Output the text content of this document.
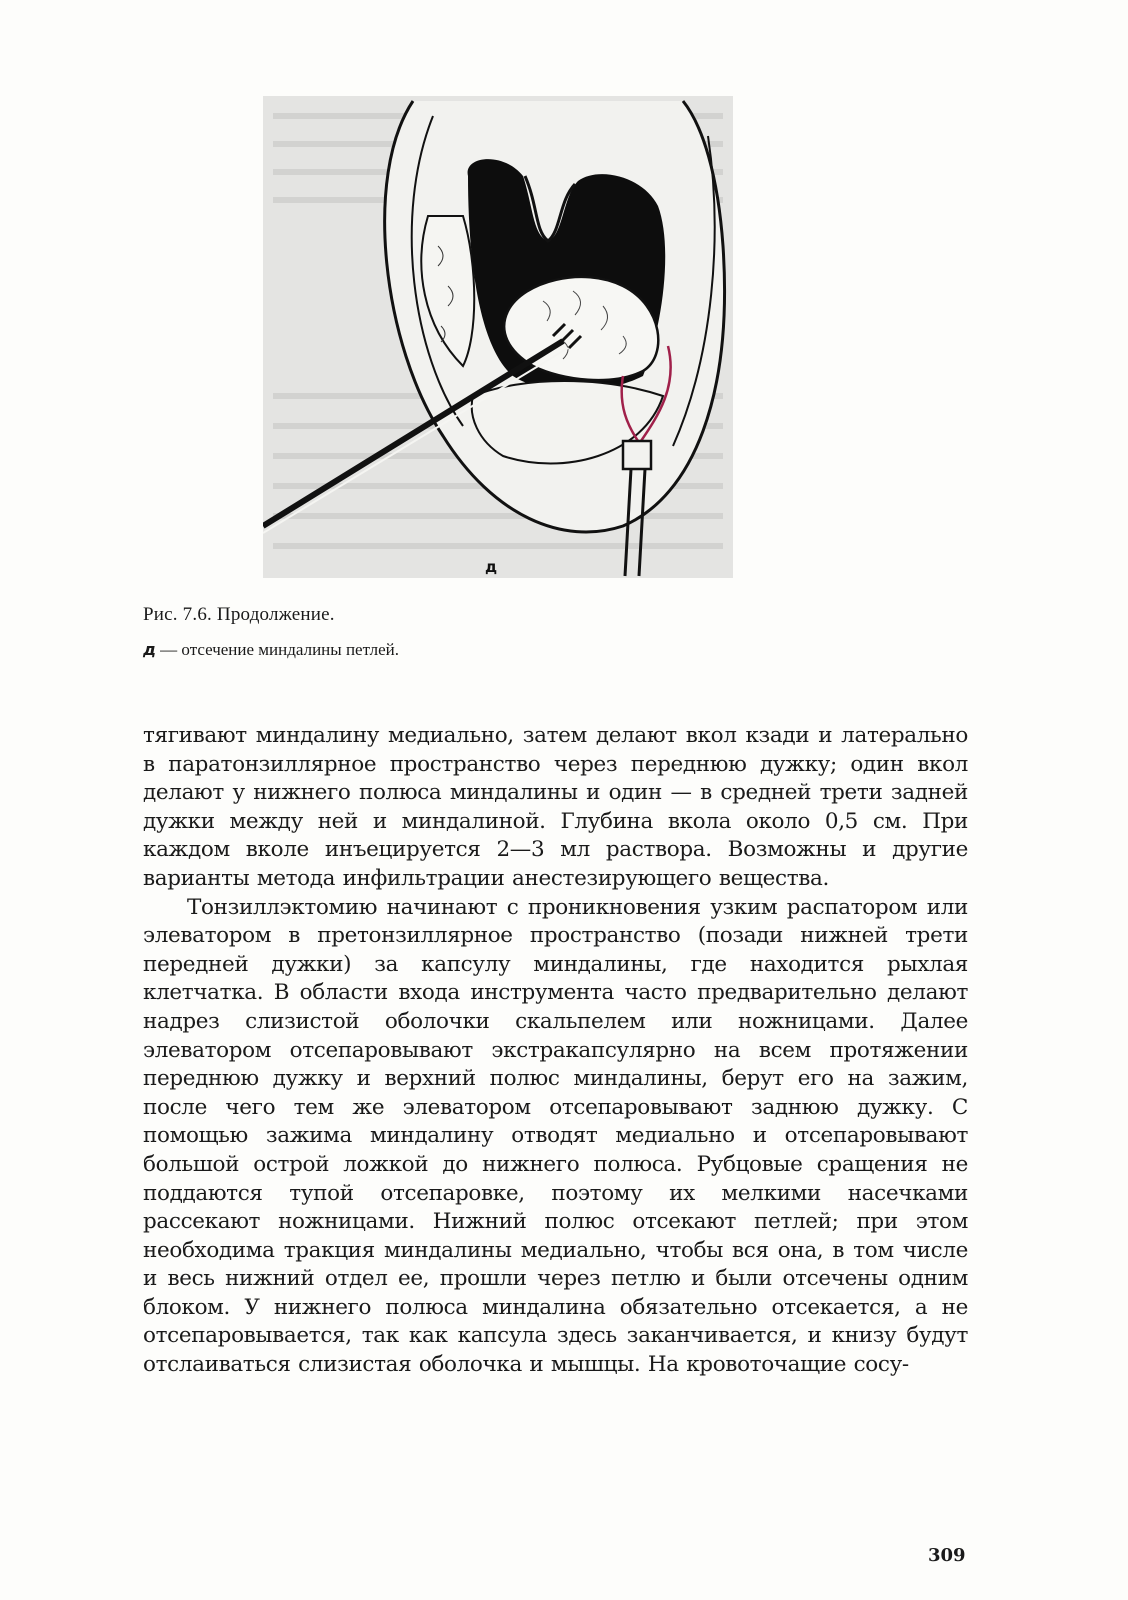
д
Рис. 7.6. Продолжение.
д — отсечение миндалины петлей.

тягивают миндалину медиально, затем делают вкол кзади и латерально в паратонзиллярное пространство через переднюю дужку; один вкол делают у нижнего полюса миндалины и один — в средней трети задней дужки между ней и миндалиной. Глубина вкола около 0,5 см. При каждом вколе инъецируется 2—3 мл раствора. Возможны и другие варианты метода инфильтрации анестезирующего вещества.

Тонзиллэктомию начинают с проникновения узким распатором или элеватором в претонзиллярное пространство (позади нижней трети передней дужки) за капсулу миндалины, где находится рыхлая клетчатка. В области входа инструмента часто предварительно делают надрез слизистой оболочки скальпелем или ножницами. Далее элеватором отсепаровывают экстракапсулярно на всем протяжении переднюю дужку и верхний полюс миндалины, берут его на зажим, после чего тем же элеватором отсепаровывают заднюю дужку. С помощью зажима миндалину отводят медиально и отсепаровывают большой острой ложкой до нижнего полюса. Рубцовые сращения не поддаются тупой отсепаровке, поэтому их мелкими насечками рассекают ножницами. Нижний полюс отсекают петлей; при этом необходима тракция миндалины медиально, чтобы вся она, в том числе и весь нижний отдел ее, прошли через петлю и были отсечены одним блоком. У нижнего полюса миндалина обязательно отсекается, а не отсепаровывается, так как капсула здесь заканчивается, и книзу будут отслаиваться слизистая оболочка и мышцы. На кровоточащие сосу-

309
